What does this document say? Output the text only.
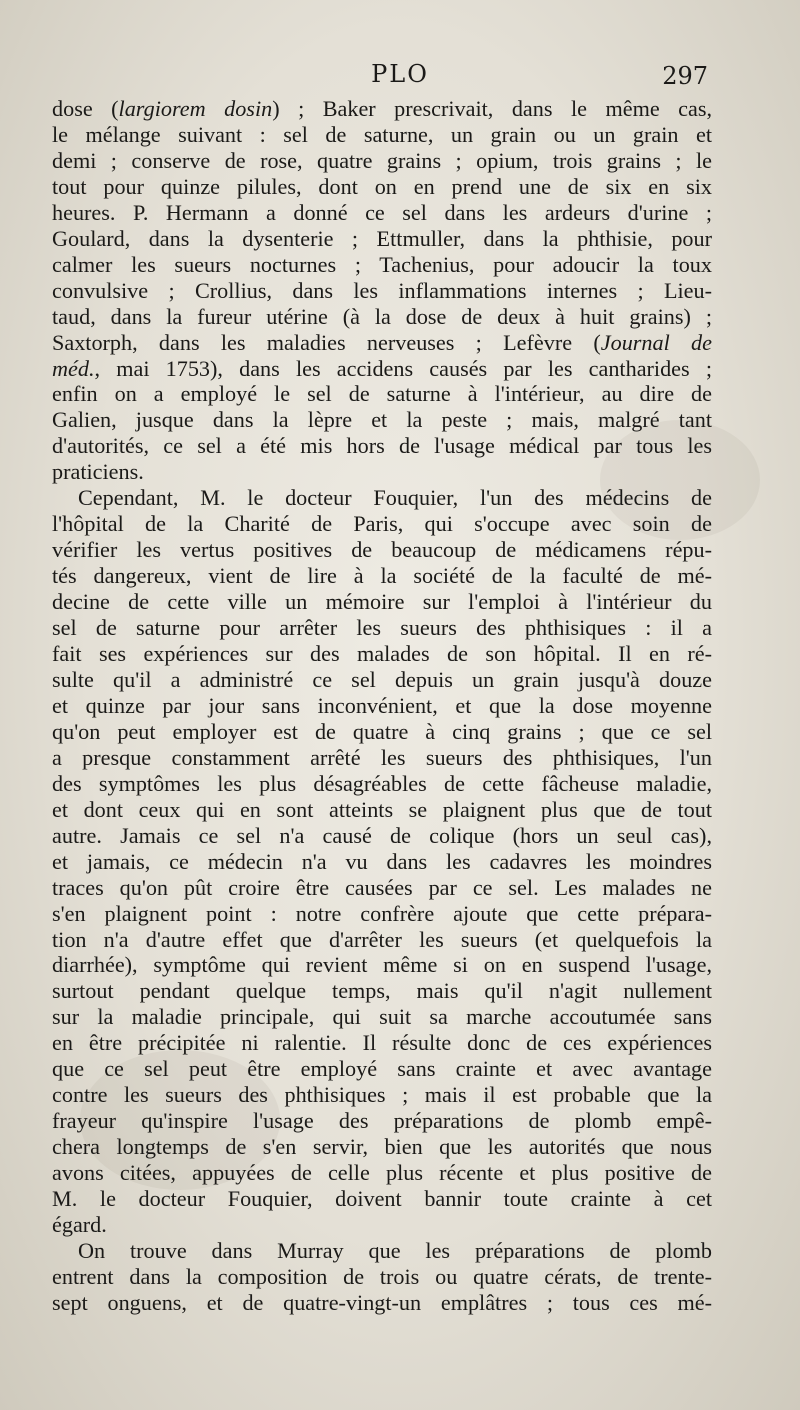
PLO	297
dose (largiorem dosin) ; Baker prescrivait, dans le même cas,
le mélange suivant : sel de saturne, un grain ou un grain et
demi ; conserve de rose, quatre grains ; opium, trois grains ; le
tout pour quinze pilules, dont on en prend une de six en six
heures. P. Hermann a donné ce sel dans les ardeurs d'urine ;
Goulard, dans la dysenterie ; Ettmuller, dans la phthisie, pour
calmer les sueurs nocturnes ; Tachenius, pour adoucir la toux
convulsive ; Crollius, dans les inflammations internes ; Lieu-
taud, dans la fureur utérine (à la dose de deux à huit grains) ;
Saxtorph, dans les maladies nerveuses ; Lefèvre (Journal de
méd., mai 1753), dans les accidens causés par les cantharides ;
enfin on a employé le sel de saturne à l'intérieur, au dire de
Galien, jusque dans la lèpre et la peste ; mais, malgré tant
d'autorités, ce sel a été mis hors de l'usage médical par tous les
praticiens.
Cependant, M. le docteur Fouquier, l'un des médecins de
l'hôpital de la Charité de Paris, qui s'occupe avec soin de
vérifier les vertus positives de beaucoup de médicamens répu-
tés dangereux, vient de lire à la société de la faculté de mé-
decine de cette ville un mémoire sur l'emploi à l'intérieur du
sel de saturne pour arrêter les sueurs des phthisiques : il a
fait ses expériences sur des malades de son hôpital. Il en ré-
sulte qu'il a administré ce sel depuis un grain jusqu'à douze
et quinze par jour sans inconvénient, et que la dose moyenne
qu'on peut employer est de quatre à cinq grains ; que ce sel
a presque constamment arrêté les sueurs des phthisiques, l'un
des symptômes les plus désagréables de cette fâcheuse maladie,
et dont ceux qui en sont atteints se plaignent plus que de tout
autre. Jamais ce sel n'a causé de colique (hors un seul cas),
et jamais, ce médecin n'a vu dans les cadavres les moindres
traces qu'on pût croire être causées par ce sel. Les malades ne
s'en plaignent point : notre confrère ajoute que cette prépara-
tion n'a d'autre effet que d'arrêter les sueurs (et quelquefois la
diarrhée), symptôme qui revient même si on en suspend l'usage,
surtout pendant quelque temps, mais qu'il n'agit nullement
sur la maladie principale, qui suit sa marche accoutumée sans
en être précipitée ni ralentie. Il résulte donc de ces expériences
que ce sel peut être employé sans crainte et avec avantage
contre les sueurs des phthisiques ; mais il est probable que la
frayeur qu'inspire l'usage des préparations de plomb empê-
chera longtemps de s'en servir, bien que les autorités que nous
avons citées, appuyées de celle plus récente et plus positive de
M. le docteur Fouquier, doivent bannir toute crainte à cet
égard.
On trouve dans Murray que les préparations de plomb
entrent dans la composition de trois ou quatre cérats, de trente-
sept onguens, et de quatre-vingt-un emplâtres ; tous ces mé-
